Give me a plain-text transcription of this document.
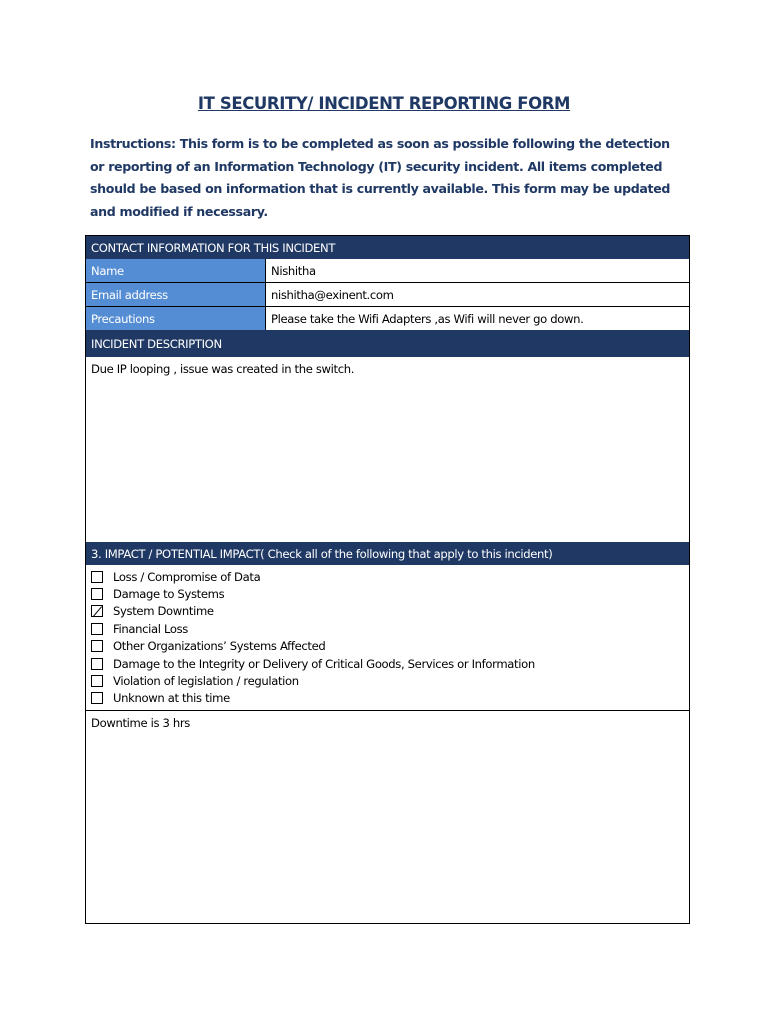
IT SECURITY/ INCIDENT REPORTING FORM
Instructions: This form is to be completed as soon as possible following the detection or reporting of an Information Technology (IT) security incident. All items completed should be based on information that is currently available. This form may be updated and modified if necessary.
CONTACT INFORMATION FOR THIS INCIDENT
Name	Nishitha
Email address	nishitha@exinent.com
Precautions	Please take the Wifi Adapters ,as Wifi will never go down.
INCIDENT DESCRIPTION
Due IP looping , issue was created in the switch.
3. IMPACT / POTENTIAL IMPACT( Check all of the following that apply to this incident)
Loss / Compromise of Data
Damage to Systems
System Downtime
Financial Loss
Other Organizations’ Systems Affected
Damage to the Integrity or Delivery of Critical Goods, Services or Information
Violation of legislation / regulation
Unknown at this time
Downtime is 3 hrs
